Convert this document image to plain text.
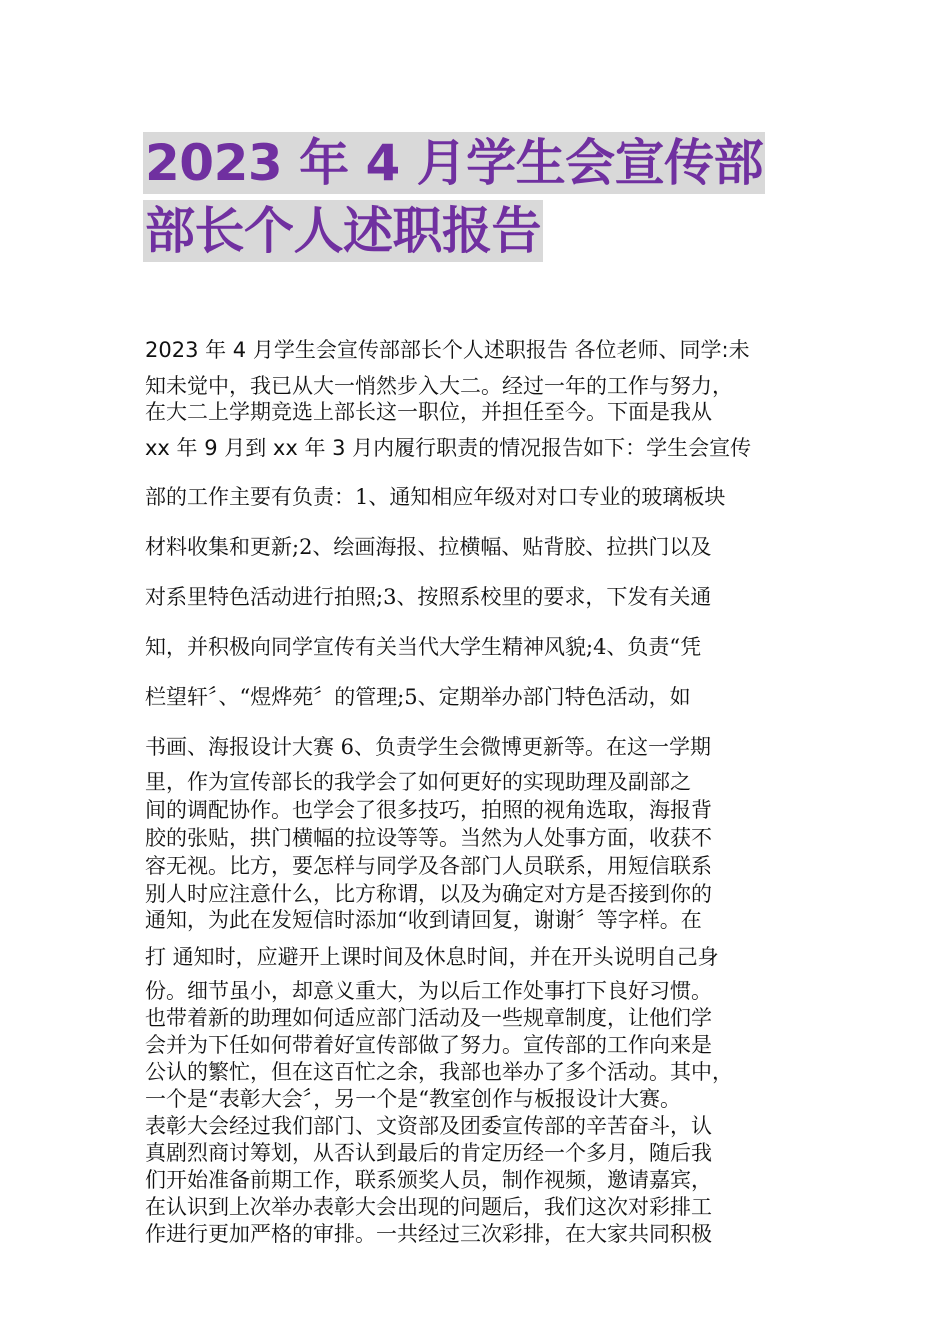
2023 年 4 月学生会宣传部
部长个人述职报告
2023 年 4 月学生会宣传部部长个人述职报告 各位老师、同学:未
知未觉中，我已从大一悄然步入大二。经过一年的工作与努力，
在大二上学期竞选上部长这一职位，并担任至今。下面是我从
xx 年 9 月到 xx 年 3 月内履行职责的情况报告如下：学生会宣传
部的工作主要有负责：1、通知相应年级对对口专业的玻璃板块
材料收集和更新;2、绘画海报、拉横幅、贴背胶、拉拱门以及
对系里特色活动进行拍照;3、按照系校里的要求，下发有关通
知，并积极向同学宣传有关当代大学生精神风貌;4、负责“凭
栏望轩〞、“煜烨苑〞的管理;5、定期举办部门特色活动，如
书画、海报设计大赛 6、负责学生会微博更新等。在这一学期
里，作为宣传部长的我学会了如何更好的实现助理及副部之
间的调配协作。也学会了很多技巧，拍照的视角选取，海报背
胶的张贴，拱门横幅的拉设等等。当然为人处事方面，收获不
容无视。比方，要怎样与同学及各部门人员联系，用短信联系
别人时应注意什么，比方称谓，以及为确定对方是否接到你的
通知，为此在发短信时添加“收到请回复，谢谢〞等字样。在
打 通知时，应避开上课时间及休息时间，并在开头说明自己身
份。细节虽小，却意义重大，为以后工作处事打下良好习惯。
也带着新的助理如何适应部门活动及一些规章制度，让他们学
会并为下任如何带着好宣传部做了努力。宣传部的工作向来是
公认的繁忙，但在这百忙之余，我部也举办了多个活动。其中，
一个是“表彰大会〞，另一个是“教室创作与板报设计大赛。
表彰大会经过我们部门、文资部及团委宣传部的辛苦奋斗，认
真剧烈商讨筹划，从否认到最后的肯定历经一个多月，随后我
们开始准备前期工作，联系颁奖人员，制作视频，邀请嘉宾，
在认识到上次举办表彰大会出现的问题后，我们这次对彩排工
作进行更加严格的审排。一共经过三次彩排，在大家共同积极
